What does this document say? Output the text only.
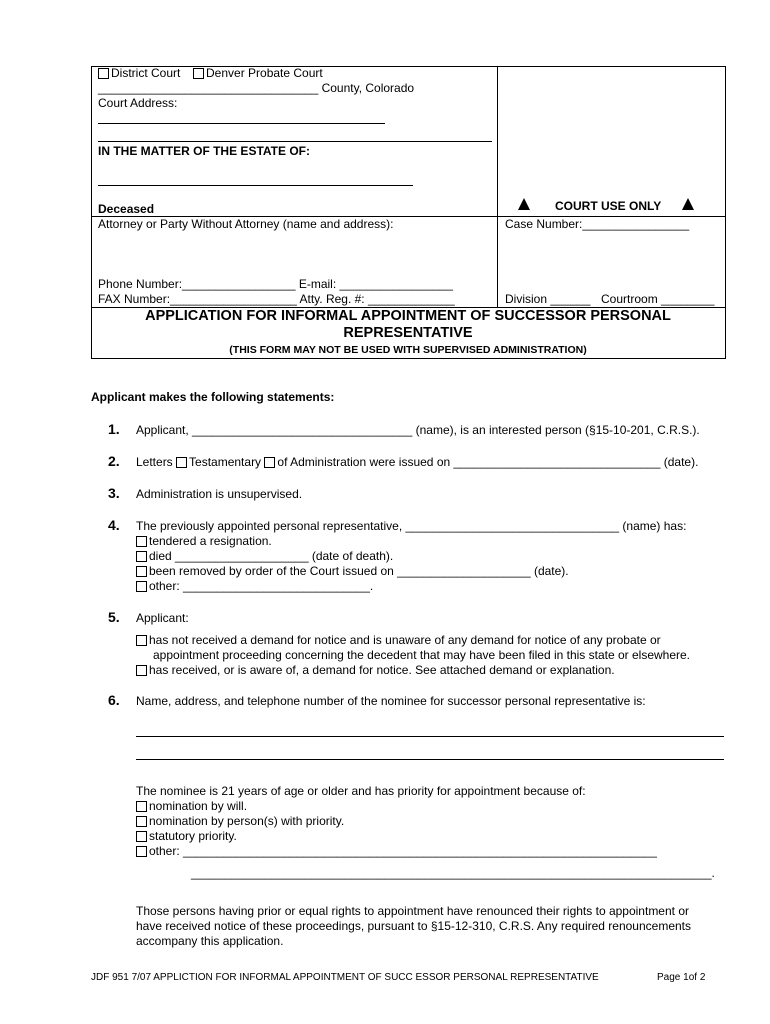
District Court	Denver Probate Court
_________________________________ County, Colorado
Court Address:
IN THE MATTER OF THE ESTATE OF:
Deceased
Attorney or Party Without Attorney (name and address):
Phone Number:_________________ E-mail: _________________
FAX Number:___________________ Atty. Reg. #: _____________
COURT USE ONLY
Case Number:________________
Division ______ Courtroom ________
APPLICATION FOR INFORMAL APPOINTMENT OF SUCCESSOR PERSONAL
REPRESENTATIVE
(THIS FORM MAY NOT BE USED WITH SUPERVISED ADMINISTRATION)
Applicant makes the following statements:
1. Applicant, _________________________________ (name), is an interested person (§15-10-201, C.R.S.).
2. Letters Testamentary of Administration were issued on _______________________________ (date).
3. Administration is unsupervised.
4. The previously appointed personal representative, ________________________________ (name) has:
tendered a resignation.
died ____________________ (date of death).
been removed by order of the Court issued on ____________________ (date).
other: ____________________________.
5. Applicant:
has not received a demand for notice and is unaware of any demand for notice of any probate or
appointment proceeding concerning the decedent that may have been filed in this state or elsewhere.
has received, or is aware of, a demand for notice. See attached demand or explanation.
6. Name, address, and telephone number of the nominee for successor personal representative is:
The nominee is 21 years of age or older and has priority for appointment because of:
nomination by will.
nomination by person(s) with priority.
statutory priority.
other: _______________________________________________________________________
______________________________________________________________________________.
Those persons having prior or equal rights to appointment have renounced their rights to appointment or
have received notice of these proceedings, pursuant to §15-12-310, C.R.S. Any required renouncements
accompany this application.
JDF 951 7/07 APPLICTION FOR INFORMAL APPOINTMENT OF SUCC ESSOR PERSONAL REPRESENTATIVE	Page 1of 2
